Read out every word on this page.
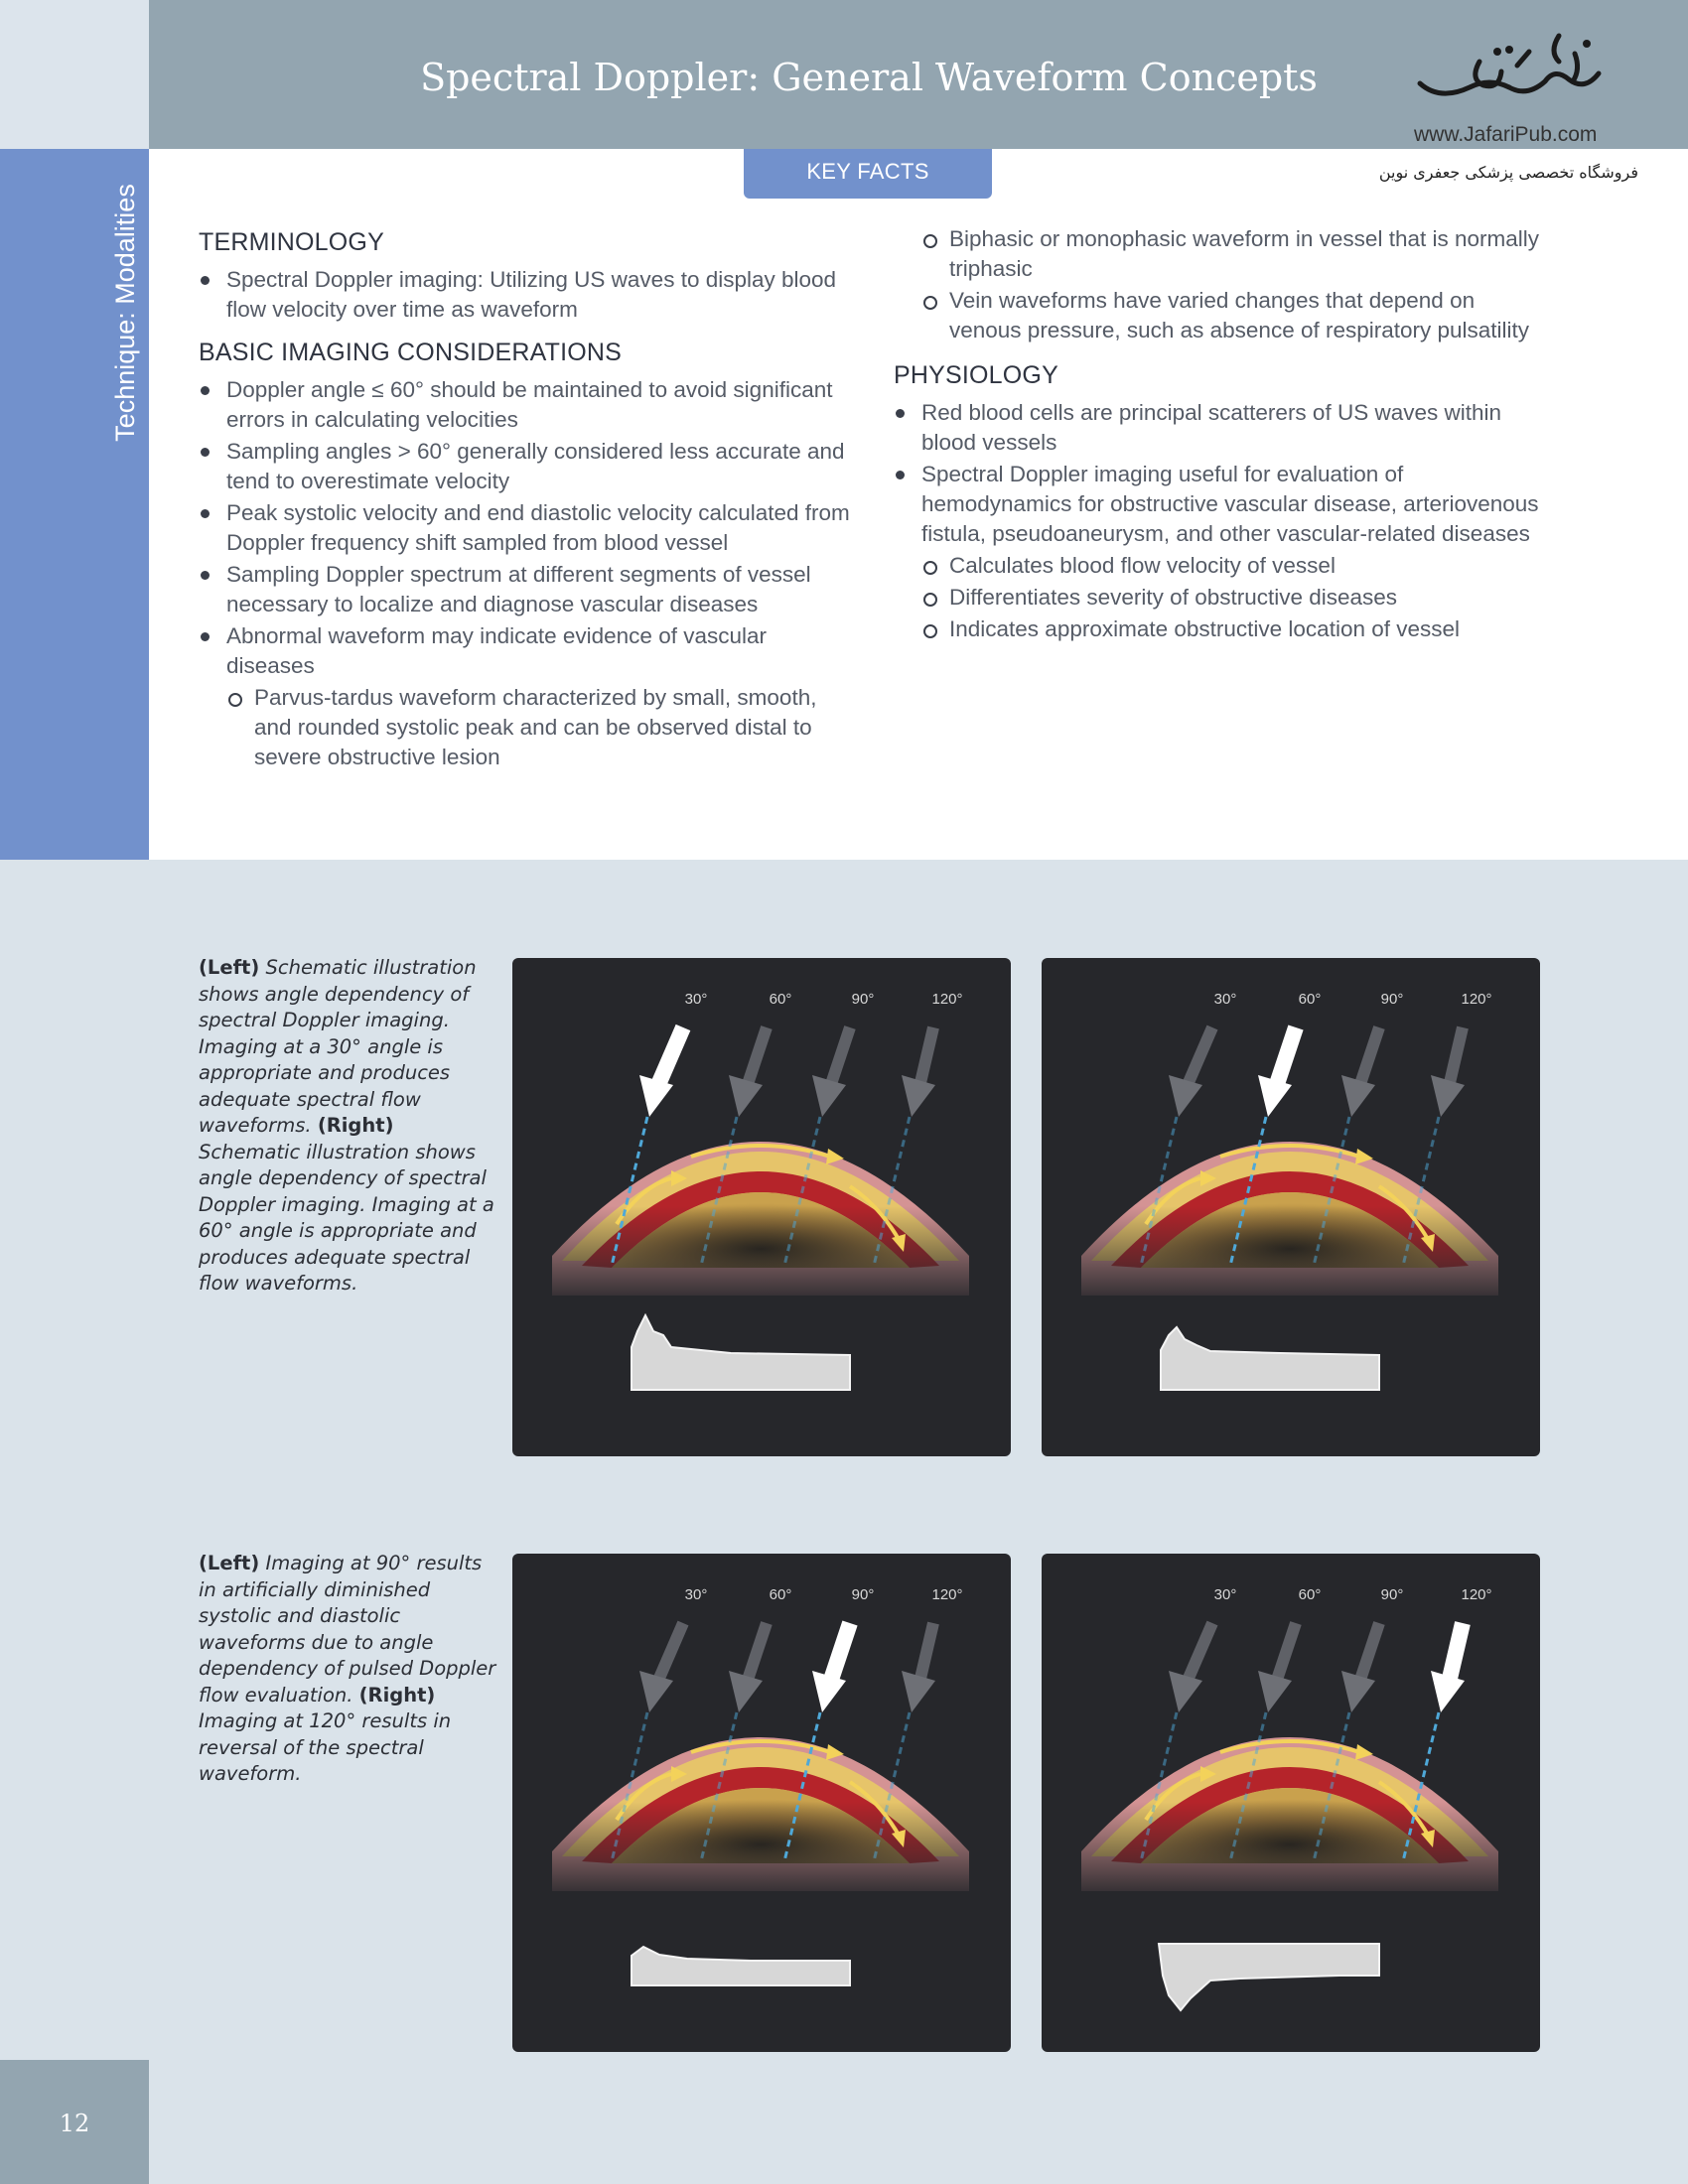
Spectral Doppler: General Waveform Concepts
www.JafariPub.com
فروشگاه تخصصی پزشکی جعفری نوین
Technique: Modalities
KEY FACTS
TERMINOLOGY
Spectral Doppler imaging: Utilizing US waves to display blood flow velocity over time as waveform
BASIC IMAGING CONSIDERATIONS
Doppler angle ≤ 60° should be maintained to avoid significant errors in calculating velocities
Sampling angles > 60° generally considered less accurate and tend to overestimate velocity
Peak systolic velocity and end diastolic velocity calculated from Doppler frequency shift sampled from blood vessel
Sampling Doppler spectrum at different segments of vessel necessary to localize and diagnose vascular diseases
Abnormal waveform may indicate evidence of vascular diseases
Parvus-tardus waveform characterized by small, smooth, and rounded systolic peak and can be observed distal to severe obstructive lesion
Biphasic or monophasic waveform in vessel that is normally triphasic
Vein waveforms have varied changes that depend on venous pressure, such as absence of respiratory pulsatility
PHYSIOLOGY
Red blood cells are principal scatterers of US waves within blood vessels
Spectral Doppler imaging useful for evaluation of hemodynamics for obstructive vascular disease, arteriovenous fistula, pseudoaneurysm, and other vascular-related diseases
Calculates blood flow velocity of vessel
Differentiates severity of obstructive diseases
Indicates approximate obstructive location of vessel
(Left) Schematic illustration shows angle dependency of spectral Doppler imaging. Imaging at a 30° angle is appropriate and produces adequate spectral flow waveforms. (Right) Schematic illustration shows angle dependency of spectral Doppler imaging. Imaging at a 60° angle is appropriate and produces adequate spectral flow waveforms.
(Left) Imaging at 90° results in artificially diminished systolic and diastolic waveforms due to angle dependency of pulsed Doppler flow evaluation. (Right) Imaging at 120° results in reversal of the spectral waveform.
30°	60°	90°	120°	30°	60°	90°	120°
30°	60°	90°	120°	30°	60°	90°	120°
12
